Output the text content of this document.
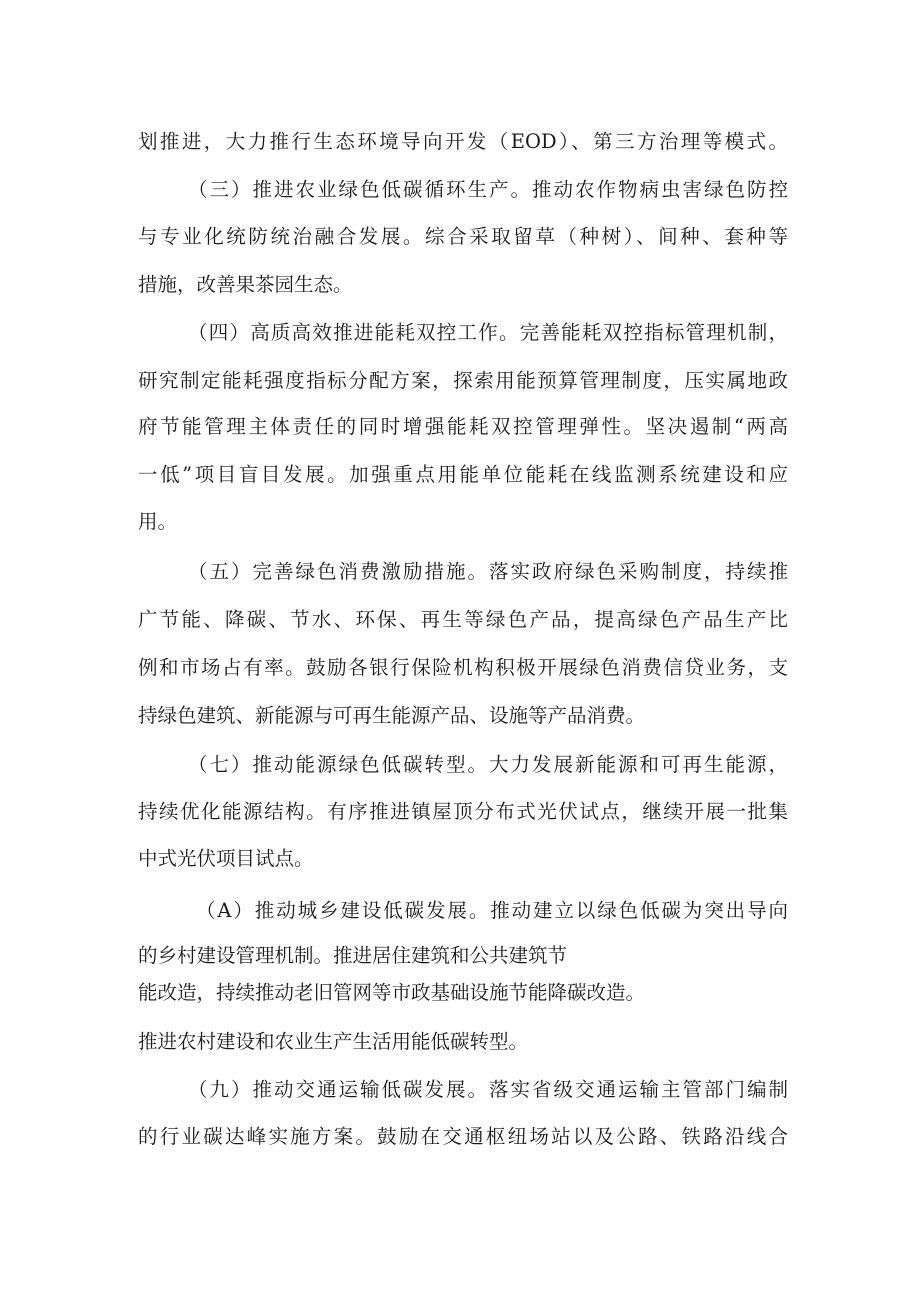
划推进，大力推行生态环境导向开发（EOD）、第三方治理等模式。

（三）推进农业绿色低碳循环生产。推动农作物病虫害绿色防控

与专业化统防统治融合发展。综合采取留草（种树）、间种、套种等

措施，改善果茶园生态。

（四）高质高效推进能耗双控工作。完善能耗双控指标管理机制，

研究制定能耗强度指标分配方案，探索用能预算管理制度，压实属地政

府节能管理主体责任的同时增强能耗双控管理弹性。坚决遏制“两高

一低”项目盲目发展。加强重点用能单位能耗在线监测系统建设和应

用。

（五）完善绿色消费激励措施。落实政府绿色采购制度，持续推

广节能、降碳、节水、环保、再生等绿色产品，提高绿色产品生产比

例和市场占有率。鼓励各银行保险机构积极开展绿色消费信贷业务，支

持绿色建筑、新能源与可再生能源产品、设施等产品消费。

（七）推动能源绿色低碳转型。大力发展新能源和可再生能源，

持续优化能源结构。有序推进镇屋顶分布式光伏试点，继续开展一批集

中式光伏项目试点。

（A）推动城乡建设低碳发展。推动建立以绿色低碳为突出导向

的乡村建设管理机制。推进居住建筑和公共建筑节

能改造，持续推动老旧管网等市政基础设施节能降碳改造。

推进农村建设和农业生产生活用能低碳转型。

（九）推动交通运输低碳发展。落实省级交通运输主管部门编制

的行业碳达峰实施方案。鼓励在交通枢纽场站以及公路、铁路沿线合
